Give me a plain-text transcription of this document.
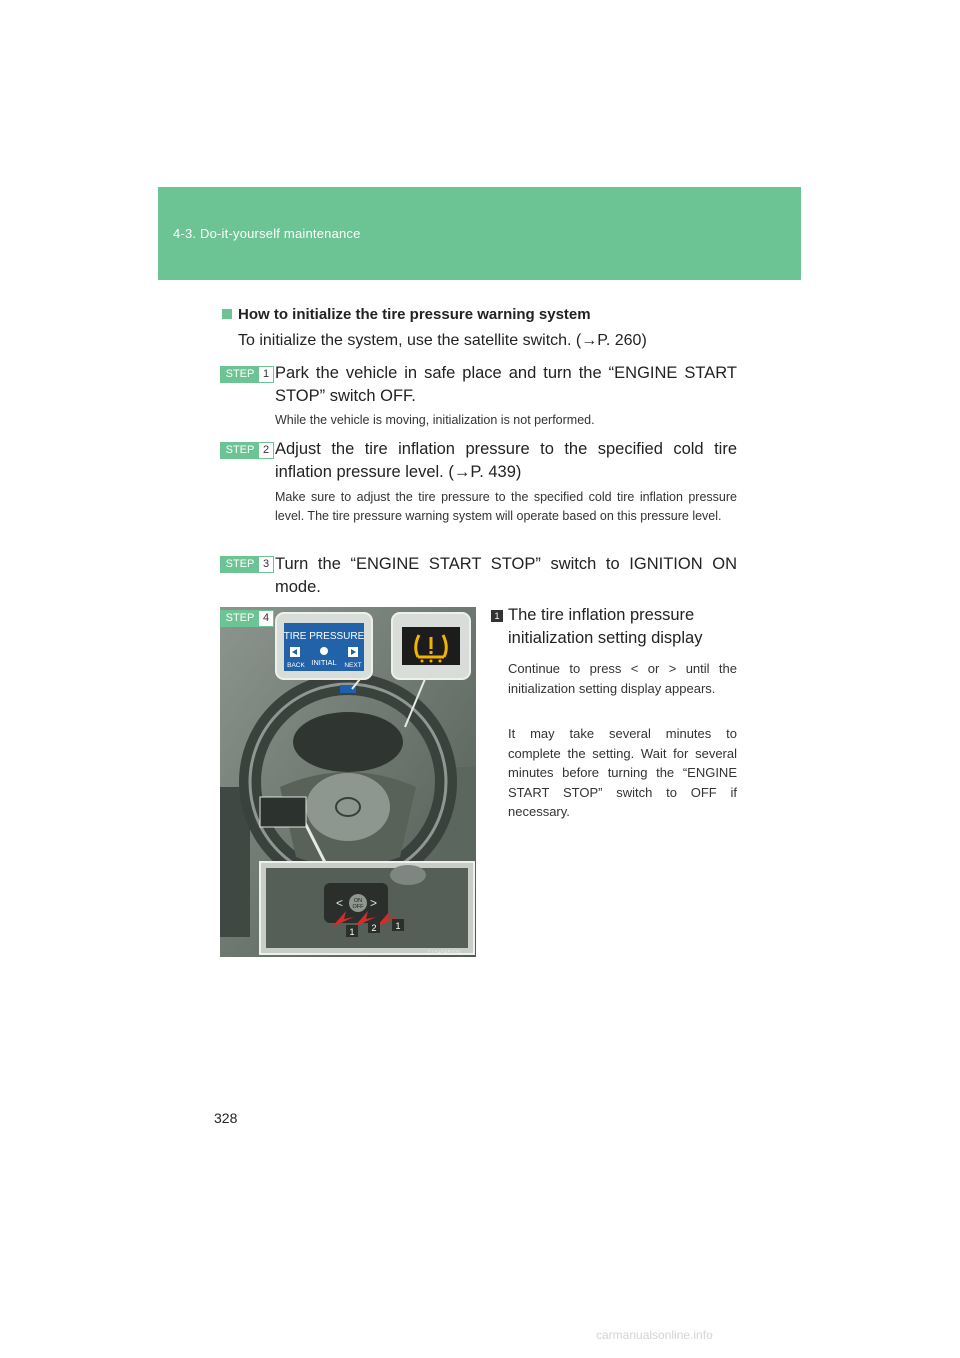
4-3. Do-it-yourself maintenance
How to initialize the tire pressure warning system
To initialize the system, use the satellite switch. (→P. 260)
STEP 1 Park the vehicle in safe place and turn the “ENGINE START STOP” switch OFF.
While the vehicle is moving, initialization is not performed.
STEP 2 Adjust the tire inflation pressure to the specified cold tire inflation pressure level. (→P. 439)
Make sure to adjust the tire pressure to the specified cold tire inflation pressure level. The tire pressure warning system will operate based on this pressure level.
STEP 3 Turn the “ENGINE START STOP” switch to IGNITION ON mode.
STEP 4
TIRE PRESSURE
BACK INITIAL NEXT
< >
ON
OFF
1 2 1
CLY43AB329
1 The tire inflation pressure initialization setting display
Continue to press < or > until the initialization setting display appears.
It may take several minutes to complete the setting. Wait for several minutes before turning the “ENGINE START STOP” switch to OFF if necessary.
328
carmanualsonline.info
